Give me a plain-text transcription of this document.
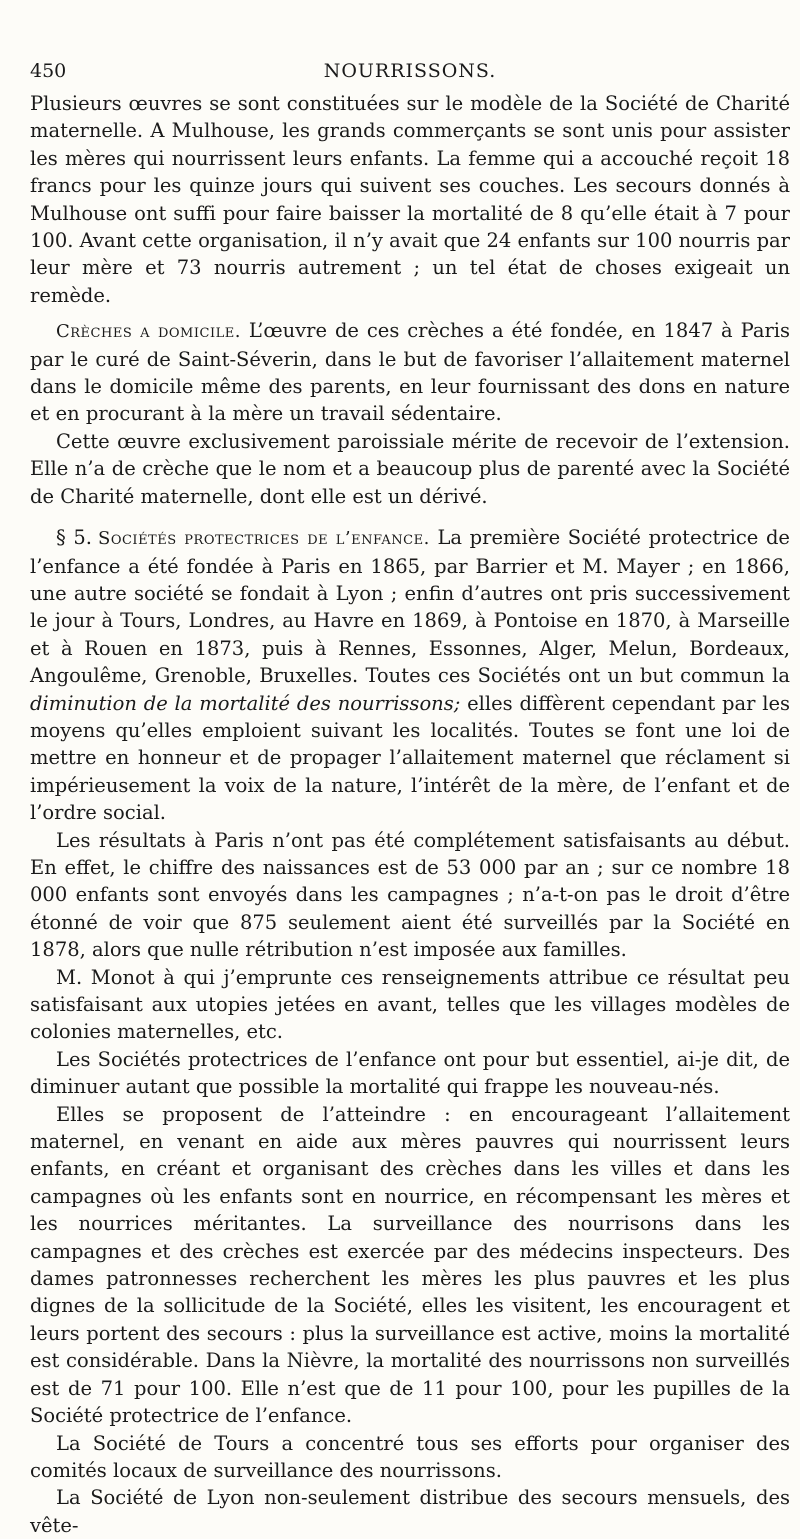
450	NOURRISSONS.

Plusieurs œuvres se sont constituées sur le modèle de la Société de Charité maternelle. A Mulhouse, les grands commerçants se sont unis pour assister les mères qui nourrissent leurs enfants. La femme qui a accouché reçoit 18 francs pour les quinze jours qui suivent ses couches. Les secours donnés à Mulhouse ont suffi pour faire baisser la mortalité de 8 qu’elle était à 7 pour 100. Avant cette organisation, il n’y avait que 24 enfants sur 100 nourris par leur mère et 73 nourris autrement ; un tel état de choses exigeait un remède.

Crèches a domicile. L’œuvre de ces crèches a été fondée, en 1847 à Paris par le curé de Saint-Séverin, dans le but de favoriser l’allaitement maternel dans le domicile même des parents, en leur fournissant des dons en nature et en procurant à la mère un travail sédentaire.

Cette œuvre exclusivement paroissiale mérite de recevoir de l’extension. Elle n’a de crèche que le nom et a beaucoup plus de parenté avec la Société de Charité maternelle, dont elle est un dérivé.

§ 5. Sociétés protectrices de l’enfance. La première Société protectrice de l’enfance a été fondée à Paris en 1865, par Barrier et M. Mayer ; en 1866, une autre société se fondait à Lyon ; enfin d’autres ont pris successivement le jour à Tours, Londres, au Havre en 1869, à Pontoise en 1870, à Marseille et à Rouen en 1873, puis à Rennes, Essonnes, Alger, Melun, Bordeaux, Angoulême, Grenoble, Bruxelles. Toutes ces Sociétés ont un but commun la diminution de la mortalité des nourrissons; elles diffèrent cependant par les moyens qu’elles emploient suivant les localités. Toutes se font une loi de mettre en honneur et de propager l’allaitement maternel que réclament si impérieusement la voix de la nature, l’intérêt de la mère, de l’enfant et de l’ordre social.

Les résultats à Paris n’ont pas été complétement satisfaisants au début. En effet, le chiffre des naissances est de 53 000 par an ; sur ce nombre 18 000 enfants sont envoyés dans les campagnes ; n’a-t-on pas le droit d’être étonné de voir que 875 seulement aient été surveillés par la Société en 1878, alors que nulle rétribution n’est imposée aux familles.

M. Monot à qui j’emprunte ces renseignements attribue ce résultat peu satisfaisant aux utopies jetées en avant, telles que les villages modèles de colonies maternelles, etc.

Les Sociétés protectrices de l’enfance ont pour but essentiel, ai-je dit, de diminuer autant que possible la mortalité qui frappe les nouveau-nés.

Elles se proposent de l’atteindre : en encourageant l’allaitement maternel, en venant en aide aux mères pauvres qui nourrissent leurs enfants, en créant et organisant des crèches dans les villes et dans les campagnes où les enfants sont en nourrice, en récompensant les mères et les nourrices méritantes. La surveillance des nourrisons dans les campagnes et des crèches est exercée par des médecins inspecteurs. Des dames patronnesses recherchent les mères les plus pauvres et les plus dignes de la sollicitude de la Société, elles les visitent, les encouragent et leurs portent des secours : plus la surveillance est active, moins la mortalité est considérable. Dans la Nièvre, la mortalité des nourrissons non surveillés est de 71 pour 100. Elle n’est que de 11 pour 100, pour les pupilles de la Société protectrice de l’enfance.

La Société de Tours a concentré tous ses efforts pour organiser des comités locaux de surveillance des nourrissons.

La Société de Lyon non-seulement distribue des secours mensuels, des vête-
